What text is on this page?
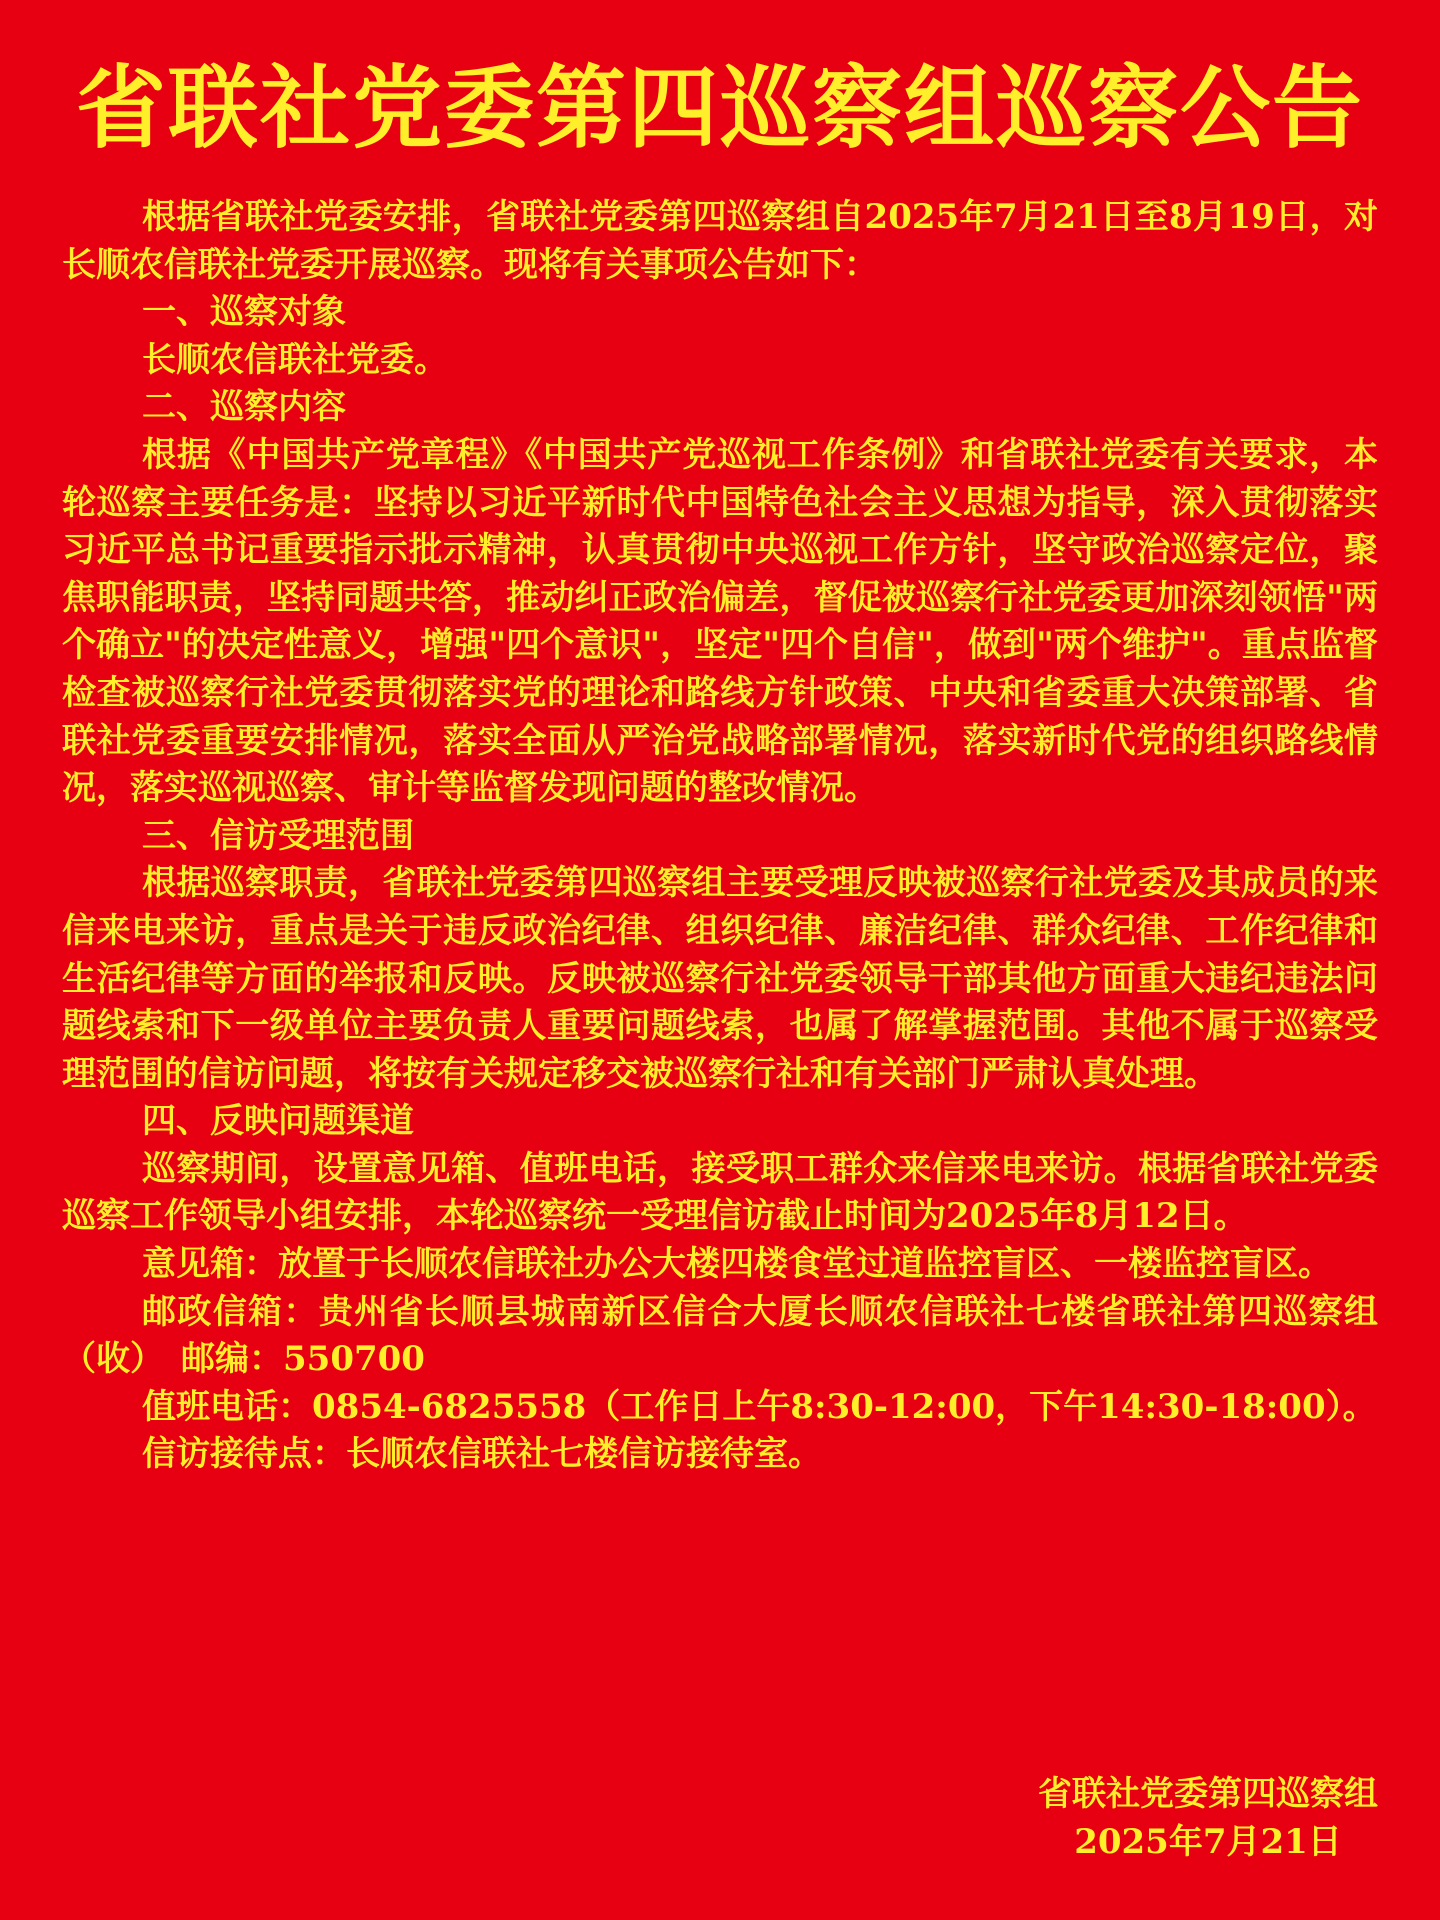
省联社党委第四巡察组巡察公告

根据省联社党委安排，省联社党委第四巡察组自2025年7月21日至8月19日，对长顺农信联社党委开展巡察。现将有关事项公告如下：

一、巡察对象

长顺农信联社党委。

二、巡察内容

根据《中国共产党章程》《中国共产党巡视工作条例》和省联社党委有关要求，本轮巡察主要任务是：坚持以习近平新时代中国特色社会主义思想为指导，深入贯彻落实习近平总书记重要指示批示精神，认真贯彻中央巡视工作方针，坚守政治巡察定位，聚焦职能职责，坚持同题共答，推动纠正政治偏差，督促被巡察行社党委更加深刻领悟"两个确立"的决定性意义，增强"四个意识"，坚定"四个自信"，做到"两个维护"。重点监督检查被巡察行社党委贯彻落实党的理论和路线方针政策、中央和省委重大决策部署、省联社党委重要安排情况，落实全面从严治党战略部署情况，落实新时代党的组织路线情况，落实巡视巡察、审计等监督发现问题的整改情况。

三、信访受理范围

根据巡察职责，省联社党委第四巡察组主要受理反映被巡察行社党委及其成员的来信来电来访，重点是关于违反政治纪律、组织纪律、廉洁纪律、群众纪律、工作纪律和生活纪律等方面的举报和反映。反映被巡察行社党委领导干部其他方面重大违纪违法问题线索和下一级单位主要负责人重要问题线索，也属了解掌握范围。其他不属于巡察受理范围的信访问题，将按有关规定移交被巡察行社和有关部门严肃认真处理。

四、反映问题渠道

巡察期间，设置意见箱、值班电话，接受职工群众来信来电来访。根据省联社党委巡察工作领导小组安排，本轮巡察统一受理信访截止时间为2025年8月12日。

意见箱：放置于长顺农信联社办公大楼四楼食堂过道监控盲区、一楼监控盲区。

邮政信箱：贵州省长顺县城南新区信合大厦长顺农信联社七楼省联社第四巡察组（收）　邮编：550700

值班电话：0854-6825558（工作日上午8:30-12:00，下午14:30-18:00）。

信访接待点：长顺农信联社七楼信访接待室。

省联社党委第四巡察组
2025年7月21日
